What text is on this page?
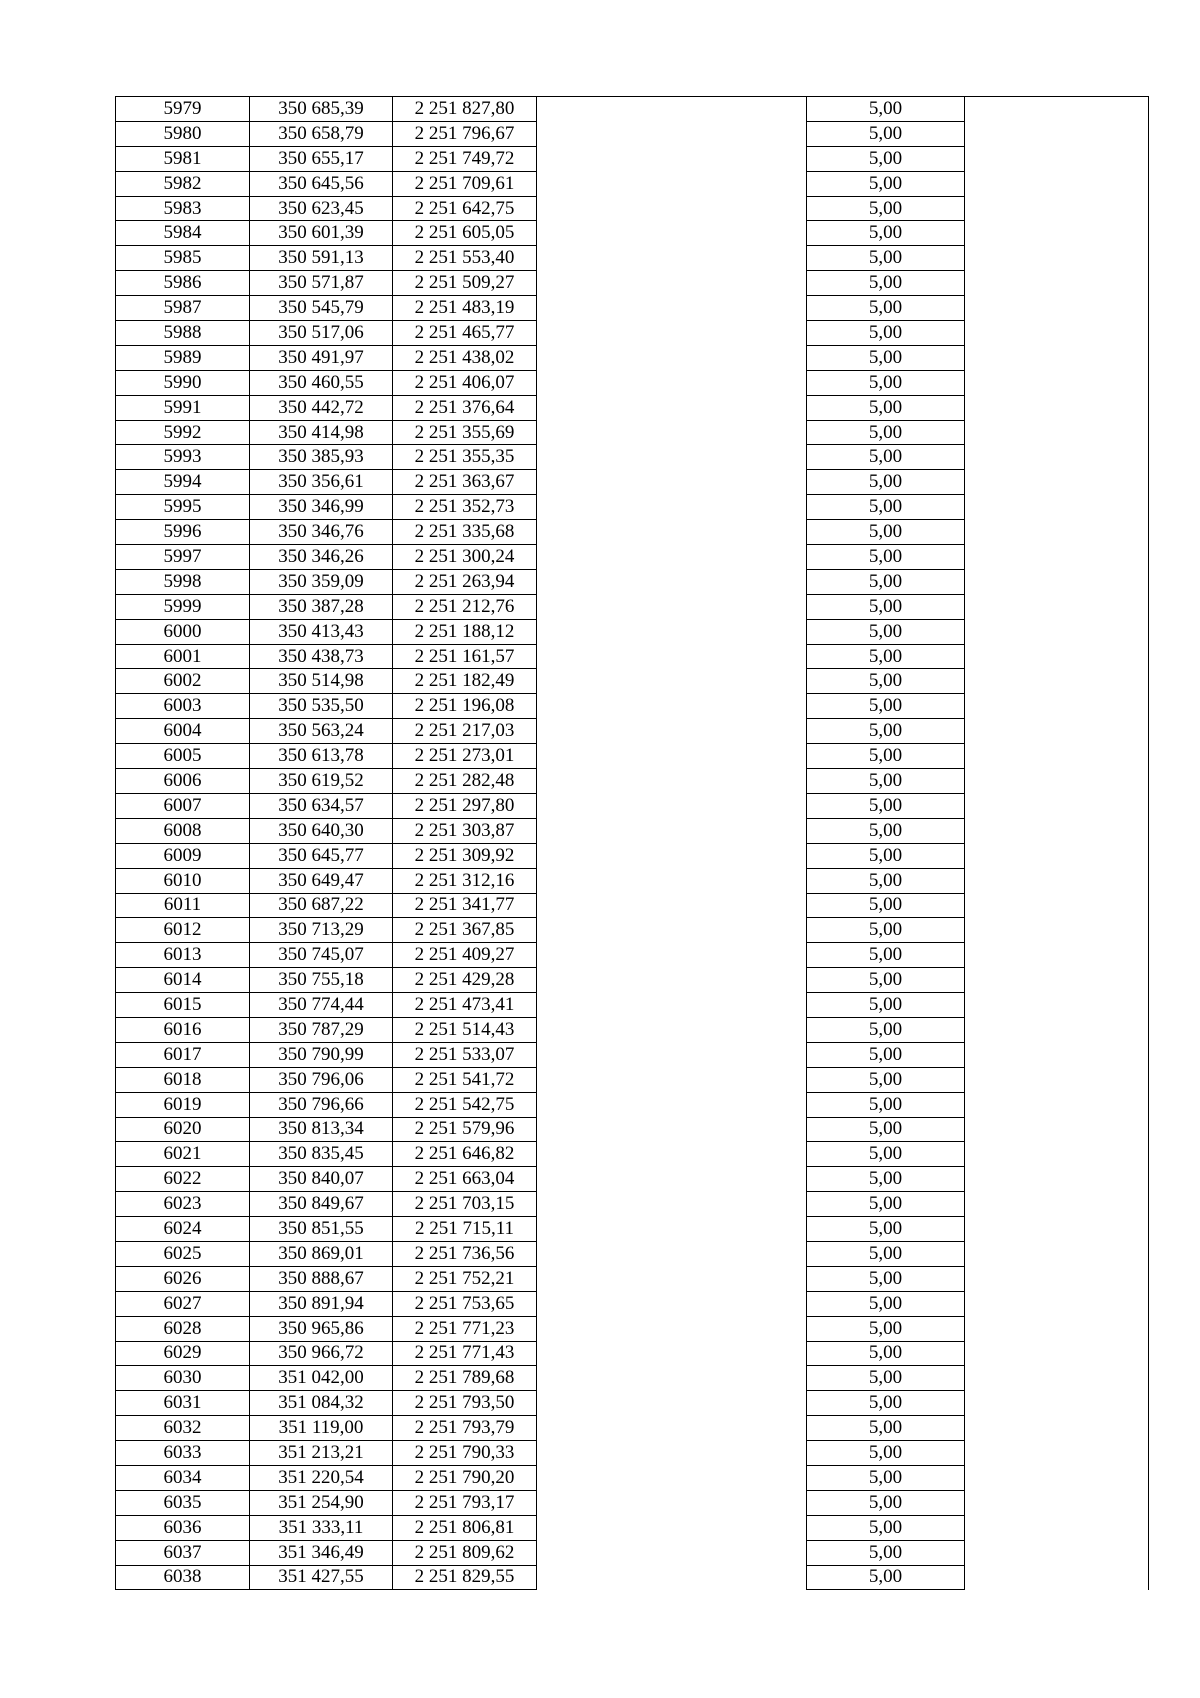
5979	350 685,39	2 251 827,80		5,00	
5980	350 658,79	2 251 796,67		5,00	
5981	350 655,17	2 251 749,72		5,00	
5982	350 645,56	2 251 709,61		5,00	
5983	350 623,45	2 251 642,75		5,00	
5984	350 601,39	2 251 605,05		5,00	
5985	350 591,13	2 251 553,40		5,00	
5986	350 571,87	2 251 509,27		5,00	
5987	350 545,79	2 251 483,19		5,00	
5988	350 517,06	2 251 465,77		5,00	
5989	350 491,97	2 251 438,02		5,00	
5990	350 460,55	2 251 406,07		5,00	
5991	350 442,72	2 251 376,64		5,00	
5992	350 414,98	2 251 355,69		5,00	
5993	350 385,93	2 251 355,35		5,00	
5994	350 356,61	2 251 363,67		5,00	
5995	350 346,99	2 251 352,73		5,00	
5996	350 346,76	2 251 335,68		5,00	
5997	350 346,26	2 251 300,24		5,00	
5998	350 359,09	2 251 263,94		5,00	
5999	350 387,28	2 251 212,76		5,00	
6000	350 413,43	2 251 188,12		5,00	
6001	350 438,73	2 251 161,57		5,00	
6002	350 514,98	2 251 182,49		5,00	
6003	350 535,50	2 251 196,08		5,00	
6004	350 563,24	2 251 217,03		5,00	
6005	350 613,78	2 251 273,01		5,00	
6006	350 619,52	2 251 282,48		5,00	
6007	350 634,57	2 251 297,80		5,00	
6008	350 640,30	2 251 303,87		5,00	
6009	350 645,77	2 251 309,92		5,00	
6010	350 649,47	2 251 312,16		5,00	
6011	350 687,22	2 251 341,77		5,00	
6012	350 713,29	2 251 367,85		5,00	
6013	350 745,07	2 251 409,27		5,00	
6014	350 755,18	2 251 429,28		5,00	
6015	350 774,44	2 251 473,41		5,00	
6016	350 787,29	2 251 514,43		5,00	
6017	350 790,99	2 251 533,07		5,00	
6018	350 796,06	2 251 541,72		5,00	
6019	350 796,66	2 251 542,75		5,00	
6020	350 813,34	2 251 579,96		5,00	
6021	350 835,45	2 251 646,82		5,00	
6022	350 840,07	2 251 663,04		5,00	
6023	350 849,67	2 251 703,15		5,00	
6024	350 851,55	2 251 715,11		5,00	
6025	350 869,01	2 251 736,56		5,00	
6026	350 888,67	2 251 752,21		5,00	
6027	350 891,94	2 251 753,65		5,00	
6028	350 965,86	2 251 771,23		5,00	
6029	350 966,72	2 251 771,43		5,00	
6030	351 042,00	2 251 789,68		5,00	
6031	351 084,32	2 251 793,50		5,00	
6032	351 119,00	2 251 793,79		5,00	
6033	351 213,21	2 251 790,33		5,00	
6034	351 220,54	2 251 790,20		5,00	
6035	351 254,90	2 251 793,17		5,00	
6036	351 333,11	2 251 806,81		5,00	
6037	351 346,49	2 251 809,62		5,00	
6038	351 427,55	2 251 829,55		5,00	
